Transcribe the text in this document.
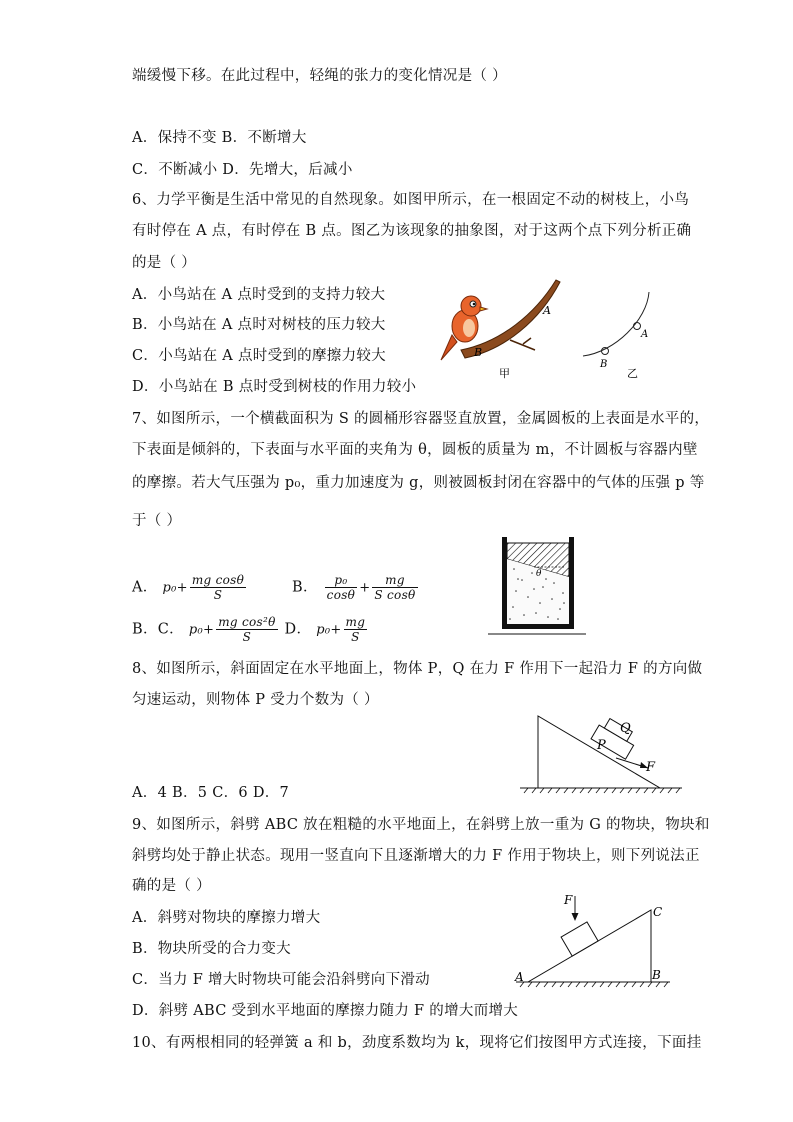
端缓慢下移。在此过程中，轻绳的张力的变化情况是（ ）
A．保持不变 B．不断增大
C．不断减小 D．先增大，后减小
6、力学平衡是生活中常见的自然现象。如图甲所示，在一根固定不动的树枝上，小鸟
有时停在 A 点，有时停在 B 点。图乙为该现象的抽象图，对于这两个点下列分析正确
的是（ ）
A．小鸟站在 A 点时受到的支持力较大
B．小鸟站在 A 点时对树枝的压力较大
C．小鸟站在 A 点时受到的摩擦力较大
D．小鸟站在 B 点时受到树枝的作用力较小
7、如图所示，一个横截面积为 S 的圆桶形容器竖直放置，金属圆板的上表面是水平的，
下表面是倾斜的，下表面与水平面的夹角为 θ，圆板的质量为 m，不计圆板与容器内壁
的摩擦。若大气压强为 p₀，重力加速度为 g，则被圆板封闭在容器中的气体的压强 p 等
于（ ）
A． $p_0+ \frac{\text{mg cosθ}}{S}$	B． $\frac{\text{p₀}}{\cos\theta} + \frac{mg}{\text{S cosθ}}$
B．C． $p_0+ \frac{\text{mg cos²θ}}{S}$ D． $p_0+ \frac{mg}{S}$
8、如图所示，斜面固定在水平地面上，物体 P，Q 在力 F 作用下一起沿力 F 的方向做
匀速运动，则物体 P 受力个数为（ ）
A．4 B．5 C．6 D．7
9、如图所示，斜劈 ABC 放在粗糙的水平地面上，在斜劈上放一重为 G 的物块，物块和
斜劈均处于静止状态。现用一竖直向下且逐渐增大的力 F 作用于物块上，则下列说法正
确的是（ ）
A．斜劈对物块的摩擦力增大
B．物块所受的合力变大
C．当力 F 增大时物块可能会沿斜劈向下滑动
D．斜劈 ABC 受到水平地面的摩擦力随力 F 的增大而增大
10、有两根相同的轻弹簧 a 和 b，劲度系数均为 k，现将它们按图甲方式连接，下面挂
A
B
甲
A
B
乙
θ
Q
P
F
F
A	B
C
